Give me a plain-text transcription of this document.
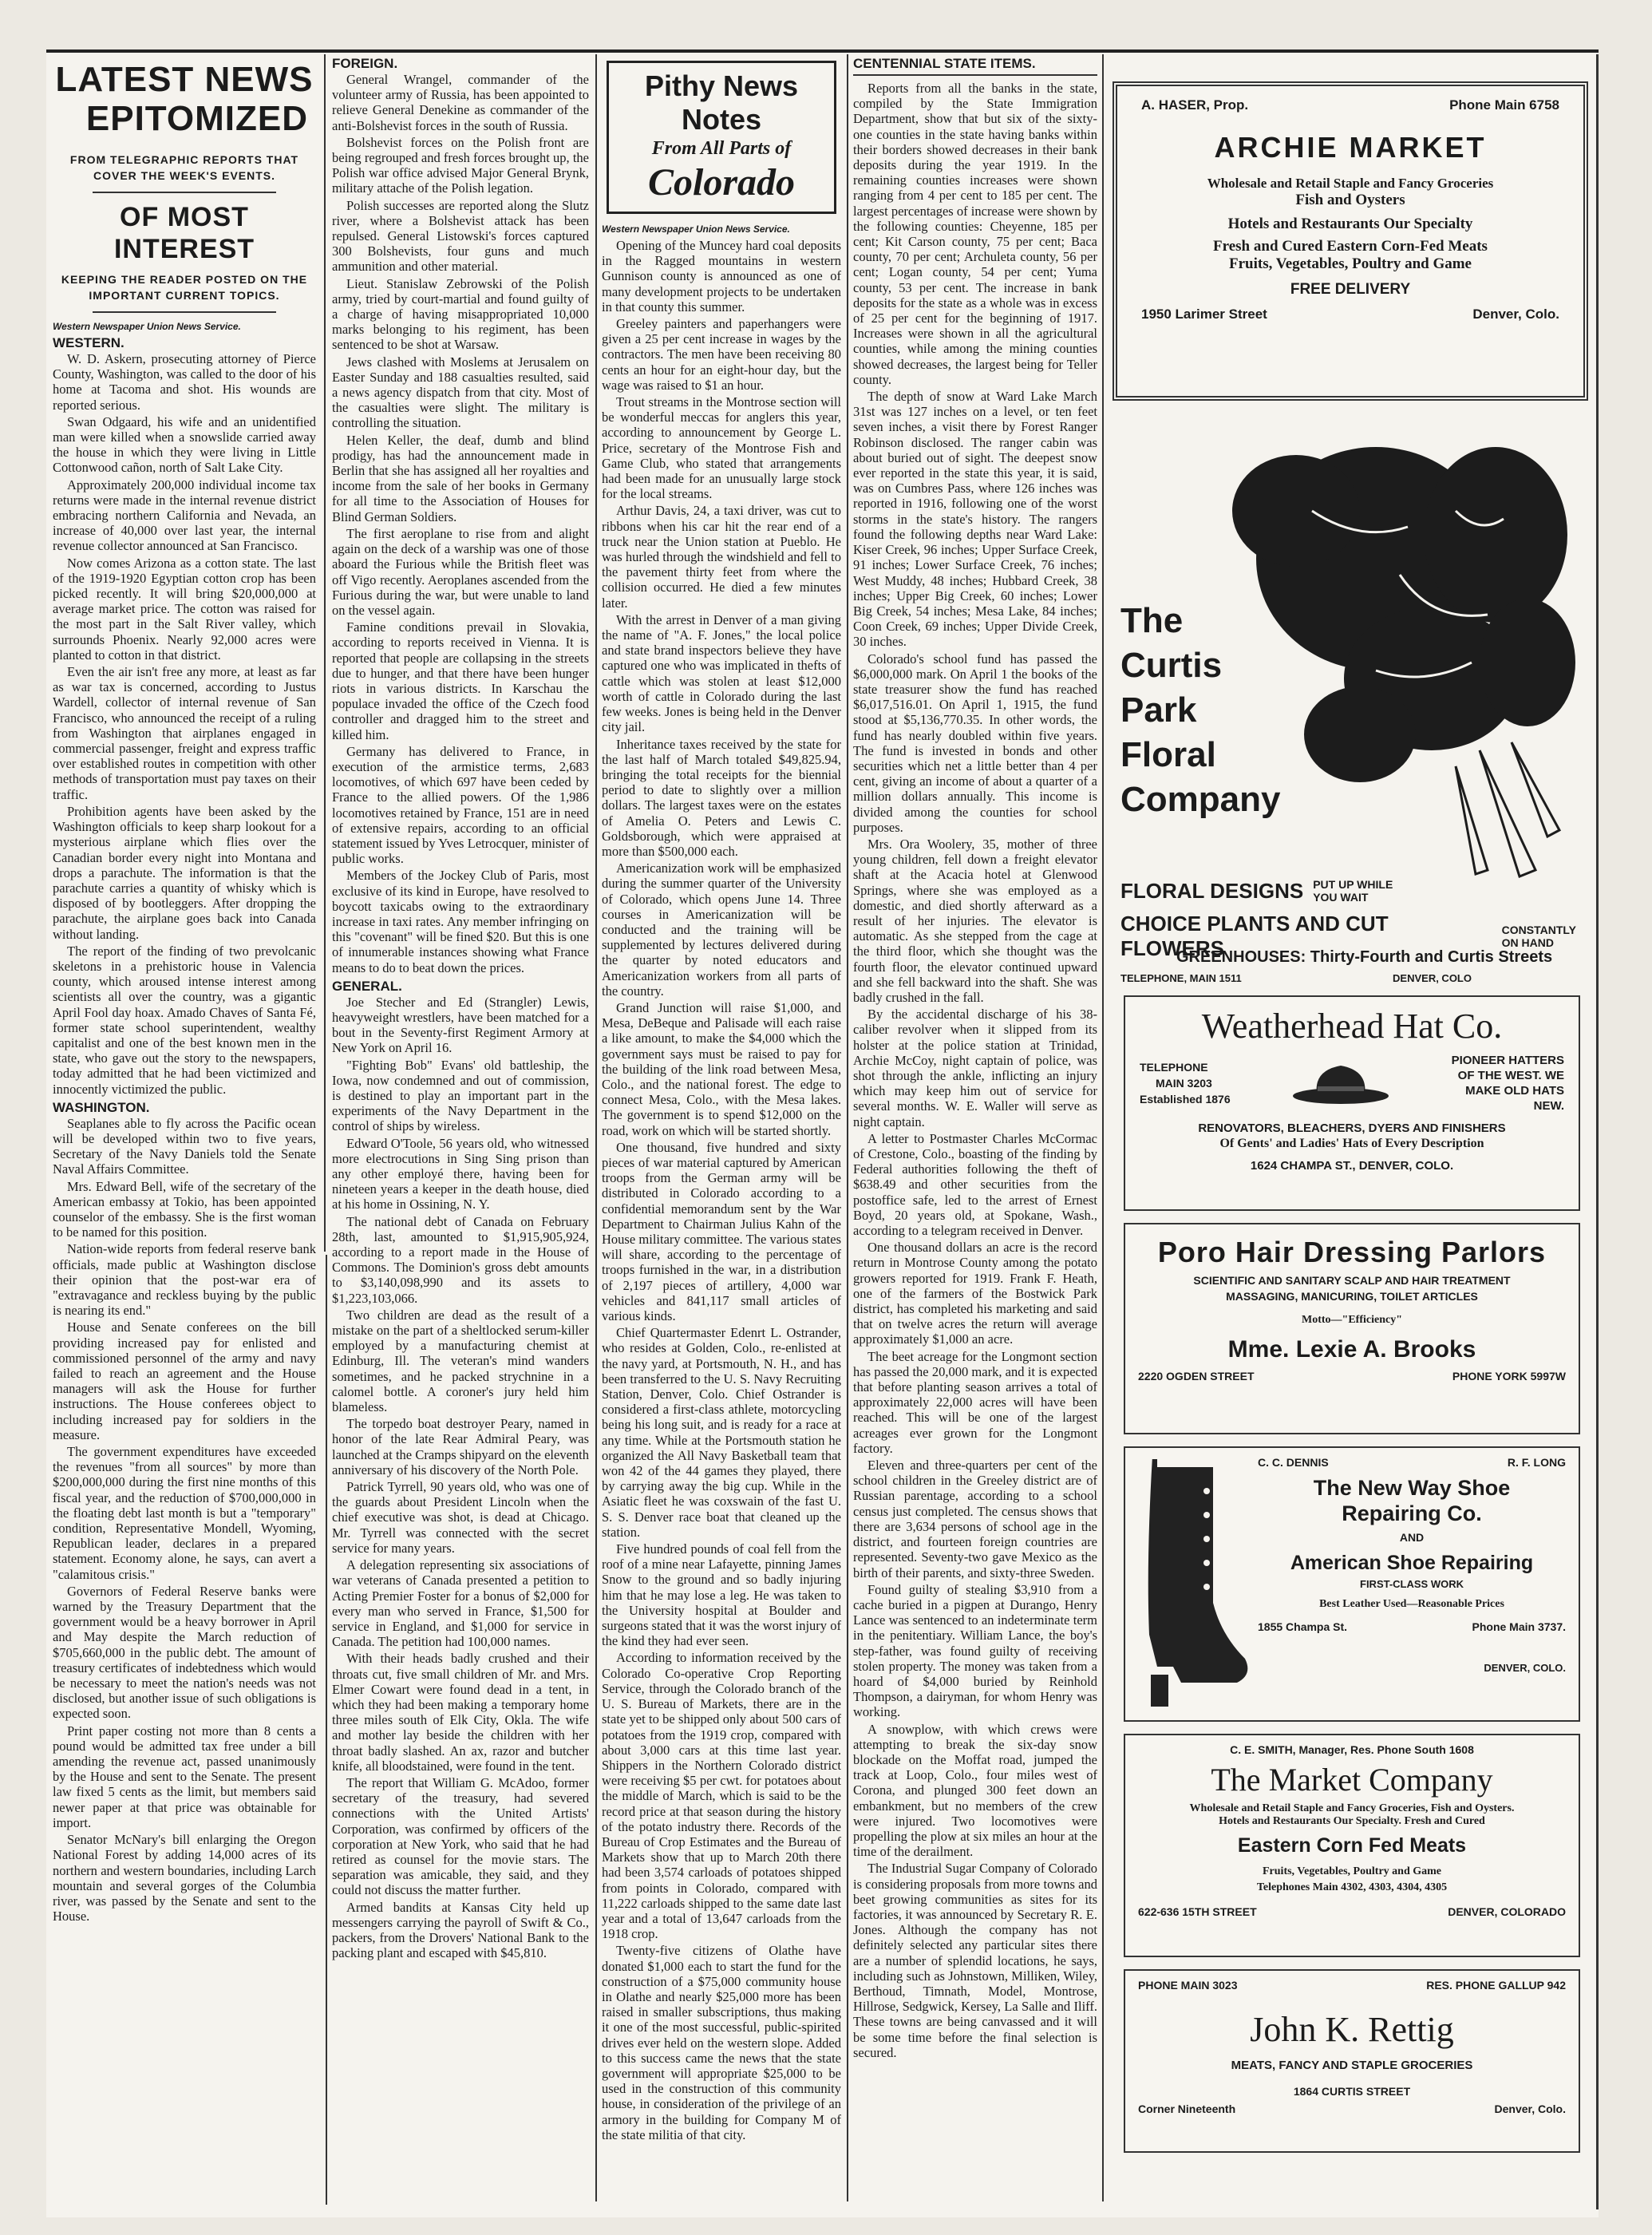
LATEST NEWS
EPITOMIZED
FROM TELEGRAPHIC REPORTS THAT COVER THE WEEK'S EVENTS.
OF MOST INTEREST
KEEPING THE READER POSTED ON THE IMPORTANT CURRENT TOPICS.
Western Newspaper Union News Service.
WESTERN.

W. D. Askern, prosecuting attorney of Pierce County, Washington, was called to the door of his home at Tacoma and shot. His wounds are reported serious.

Swan Odgaard, his wife and an unidentified man were killed when a snowslide carried away the house in which they were living in Little Cottonwood cañon, north of Salt Lake City.

Approximately 200,000 individual income tax returns were made in the internal revenue district embracing northern California and Nevada, an increase of 40,000 over last year, the internal revenue collector announced at San Francisco.

Now comes Arizona as a cotton state. The last of the 1919-1920 Egyptian cotton crop has been picked recently. It will bring $20,000,000 at average market price. The cotton was raised for the most part in the Salt River valley, which surrounds Phoenix. Nearly 92,000 acres were planted to cotton in that district.

Even the air isn't free any more, at least as far as war tax is concerned, according to Justus Wardell, collector of internal revenue of San Francisco, who announced the receipt of a ruling from Washington that airplanes engaged in commercial passenger, freight and express traffic over established routes in competition with other methods of transportation must pay taxes on their traffic.

Prohibition agents have been asked by the Washington officials to keep sharp lookout for a mysterious airplane which flies over the Canadian border every night into Montana and drops a parachute. The information is that the parachute carries a quantity of whisky which is disposed of by bootleggers. After dropping the parachute, the airplane goes back into Canada without landing.

The report of the finding of two prevolcanic skeletons in a prehistoric house in Valencia county, which aroused intense interest among scientists all over the country, was a gigantic April Fool day hoax. Amado Chaves of Santa Fé, former state school superintendent, wealthy capitalist and one of the best known men in the state, who gave out the story to the newspapers, today admitted that he had been victimized and innocently victimized the public.

WASHINGTON.

Seaplanes able to fly across the Pacific ocean will be developed within two to five years, Secretary of the Navy Daniels told the Senate Naval Affairs Committee.

Mrs. Edward Bell, wife of the secretary of the American embassy at Tokio, has been appointed counselor of the embassy. She is the first woman to be named for this position.

Nation-wide reports from federal reserve bank officials, made public at Washington disclose their opinion that the post-war era of "extravagance and reckless buying by the public is nearing its end."

House and Senate conferees on the bill providing increased pay for enlisted and commissioned personnel of the army and navy failed to reach an agreement and the House managers will ask the House for further instructions. The House conferees object to including increased pay for soldiers in the measure.

The government expenditures have exceeded the revenues "from all sources" by more than $200,000,000 during the first nine months of this fiscal year, and the reduction of $700,000,000 in the floating debt last month is but a "temporary" condition, Representative Mondell, Wyoming, Republican leader, declares in a prepared statement. Economy alone, he says, can avert a "calamitous crisis."

Governors of Federal Reserve banks were warned by the Treasury Department that the government would be a heavy borrower in April and May despite the March reduction of $705,660,000 in the public debt. The amount of treasury certificates of indebtedness which would be necessary to meet the nation's needs was not disclosed, but another issue of such obligations is expected soon.

Print paper costing not more than 8 cents a pound would be admitted tax free under a bill amending the revenue act, passed unanimously by the House and sent to the Senate. The present law fixed 5 cents as the limit, but members said newer paper at that price was obtainable for import.

Senator McNary's bill enlarging the Oregon National Forest by adding 14,000 acres of its northern and western boundaries, including Larch mountain and several gorges of the Columbia river, was passed by the Senate and sent to the House.

FOREIGN.

General Wrangel, commander of the volunteer army of Russia, has been appointed to relieve General Denekine as commander of the anti-Bolshevist forces in the south of Russia.

Bolshevist forces on the Polish front are being regrouped and fresh forces brought up, the Polish war office advised Major General Brynk, military attache of the Polish legation.

Polish successes are reported along the Slutz river, where a Bolshevist attack has been repulsed. General Listowski's forces captured 300 Bolshevists, four guns and much ammunition and other material.

Lieut. Stanislaw Zebrowski of the Polish army, tried by court-martial and found guilty of a charge of having misappropriated 10,000 marks belonging to his regiment, has been sentenced to be shot at Warsaw.

Jews clashed with Moslems at Jerusalem on Easter Sunday and 188 casualties resulted, said a news agency dispatch from that city. Most of the casualties were slight. The military is controlling the situation.

Helen Keller, the deaf, dumb and blind prodigy, has had the announcement made in Berlin that she has assigned all her royalties and income from the sale of her books in Germany for all time to the Association of Houses for Blind German Soldiers.

The first aeroplane to rise from and alight again on the deck of a warship was one of those aboard the Furious while the British fleet was off Vigo recently. Aeroplanes ascended from the Furious during the war, but were unable to land on the vessel again.

Famine conditions prevail in Slovakia, according to reports received in Vienna. It is reported that people are collapsing in the streets due to hunger, and that there have been hunger riots in various districts. In Karschau the populace invaded the office of the Czech food controller and dragged him to the street and killed him.

Germany has delivered to France, in execution of the armistice terms, 2,683 locomotives, of which 697 have been ceded by France to the allied powers. Of the 1,986 locomotives retained by France, 151 are in need of extensive repairs, according to an official statement issued by Yves Letrocquer, minister of public works.

Members of the Jockey Club of Paris, most exclusive of its kind in Europe, have resolved to boycott taxicabs owing to the extraordinary increase in taxi rates. Any member infringing on this "covenant" will be fined $20. But this is one of innumerable instances showing what France means to do to beat down the prices.

GENERAL.

Joe Stecher and Ed (Strangler) Lewis, heavyweight wrestlers, have been matched for a bout in the Seventy-first Regiment Armory at New York on April 16.

"Fighting Bob" Evans' old battleship, the Iowa, now condemned and out of commission, is destined to play an important part in the experiments of the Navy Department in the control of ships by wireless.

Edward O'Toole, 56 years old, who witnessed more electrocutions in Sing Sing prison than any other employé there, having been for nineteen years a keeper in the death house, died at his home in Ossining, N. Y.

The national debt of Canada on February 28th, last, amounted to $1,915,905,924, according to a report made in the House of Commons. The Dominion's gross debt amounts to $3,140,098,990 and its assets to $1,223,103,066.

Two children are dead as the result of a mistake on the part of a sheltlocked serum-killer employed by a manufacturing chemist at Edinburg, Ill. The veteran's mind wanders sometimes, and he packed strychnine in a calomel bottle. A coroner's jury held him blameless.

The torpedo boat destroyer Peary, named in honor of the late Rear Admiral Peary, was launched at the Cramps shipyard on the eleventh anniversary of his discovery of the North Pole.

Patrick Tyrrell, 90 years old, who was one of the guards about President Lincoln when the chief executive was shot, is dead at Chicago. Mr. Tyrrell was connected with the secret service for many years.

A delegation representing six associations of war veterans of Canada presented a petition to Acting Premier Foster for a bonus of $2,000 for every man who served in France, $1,500 for service in England, and $1,000 for service in Canada. The petition had 100,000 names.

With their heads badly crushed and their throats cut, five small children of Mr. and Mrs. Elmer Cowart were found dead in a tent, in which they had been making a temporary home three miles south of Elk City, Okla. The wife and mother lay beside the children with her throat badly slashed. An ax, razor and butcher knife, all bloodstained, were found in the tent.

The report that William G. McAdoo, former secretary of the treasury, had severed connections with the United Artists' Corporation, was confirmed by officers of the corporation at New York, who said that he had retired as counsel for the movie stars. The separation was amicable, they said, and they could not discuss the matter further.

Armed bandits at Kansas City held up messengers carrying the payroll of Swift & Co., packers, from the Drovers' National Bank to the packing plant and escaped with $45,810.

Pithy News Notes
From All Parts of
Colorado
Western Newspaper Union News Service.

Opening of the Muncey hard coal deposits in the Ragged mountains in western Gunnison county is announced as one of many development projects to be undertaken in that county this summer.

Greeley painters and paperhangers were given a 25 per cent increase in wages by the contractors. The men have been receiving 80 cents an hour for an eight-hour day, but the wage was raised to $1 an hour.

Trout streams in the Montrose section will be wonderful meccas for anglers this year, according to announcement by George L. Price, secretary of the Montrose Fish and Game Club, who stated that arrangements had been made for an unusually large stock for the local streams.

Arthur Davis, 24, a taxi driver, was cut to ribbons when his car hit the rear end of a truck near the Union station at Pueblo. He was hurled through the windshield and fell to the pavement thirty feet from where the collision occurred. He died a few minutes later.

With the arrest in Denver of a man giving the name of "A. F. Jones," the local police and state brand inspectors believe they have captured one who was implicated in thefts of cattle which was stolen at least $12,000 worth of cattle in Colorado during the last few weeks. Jones is being held in the Denver city jail.

Inheritance taxes received by the state for the last half of March totaled $49,825.94, bringing the total receipts for the biennial period to date to slightly over a million dollars. The largest taxes were on the estates of Amelia O. Peters and Lewis C. Goldsborough, which were appraised at more than $500,000 each.

Americanization work will be emphasized during the summer quarter of the University of Colorado, which opens June 14. Three courses in Americanization will be conducted and the training will be supplemented by lectures delivered during the quarter by noted educators and Americanization workers from all parts of the country.

Grand Junction will raise $1,000, and Mesa, DeBeque and Palisade will each raise a like amount, to make the $4,000 which the government says must be raised to pay for the building of the link road between Mesa, Colo., and the national forest. The edge to connect Mesa, Colo., with the Mesa lakes. The government is to spend $12,000 on the road, work on which will be started shortly.

One thousand, five hundred and sixty pieces of war material captured by American troops from the German army will be distributed in Colorado according to a confidential memorandum sent by the War Department to Chairman Julius Kahn of the House military committee. The various states will share, according to the percentage of troops furnished in the war, in a distribution of 2,197 pieces of artillery, 4,000 war vehicles and 841,117 small articles of various kinds.

Chief Quartermaster Edenrt L. Ostrander, who resides at Golden, Colo., re-enlisted at the navy yard, at Portsmouth, N. H., and has been transferred to the U. S. Navy Recruiting Station, Denver, Colo. Chief Ostrander is considered a first-class athlete, motorcycling being his long suit, and is ready for a race at any time. While at the Portsmouth station he organized the All Navy Basketball team that won 42 of the 44 games they played, there by carrying away the big cup. While in the Asiatic fleet he was coxswain of the fast U. S. S. Denver race boat that cleaned up the station.

Five hundred pounds of coal fell from the roof of a mine near Lafayette, pinning James Snow to the ground and so badly injuring him that he may lose a leg. He was taken to the University hospital at Boulder and surgeons stated that it was the worst injury of the kind they had ever seen.

According to information received by the Colorado Co-operative Crop Reporting Service, through the Colorado branch of the U. S. Bureau of Markets, there are in the state yet to be shipped only about 500 cars of potatoes from the 1919 crop, compared with about 3,000 cars at this time last year. Shippers in the Northern Colorado district were receiving $5 per cwt. for potatoes about the middle of March, which is said to be the record price at that season during the history of the potato industry there. Records of the Bureau of Crop Estimates and the Bureau of Markets show that up to March 20th there had been 3,574 carloads of potatoes shipped from points in Colorado, compared with 11,222 carloads shipped to the same date last year and a total of 13,647 carloads from the 1918 crop.

Twenty-five citizens of Olathe have donated $1,000 each to start the fund for the construction of a $75,000 community house in Olathe and nearly $25,000 more has been raised in smaller subscriptions, thus making it one of the most successful, public-spirited drives ever held on the western slope. Added to this success came the news that the state government will appropriate $25,000 to be used in the construction of this community house, in consideration of the privilege of an armory in the building for Company M of the state militia of that city.

CENTENNIAL STATE ITEMS.

Reports from all the banks in the state, compiled by the State Immigration Department, show that but six of the sixty-one counties in the state having banks within their borders showed decreases in their bank deposits during the year 1919. In the remaining counties increases were shown ranging from 4 per cent to 185 per cent. The largest percentages of increase were shown by the following counties: Cheyenne, 185 per cent; Kit Carson county, 75 per cent; Baca county, 70 per cent; Archuleta county, 56 per cent; Logan county, 54 per cent; Yuma county, 53 per cent. The increase in bank deposits for the state as a whole was in excess of 25 per cent for the beginning of 1917. Increases were shown in all the agricultural counties, while among the mining counties showed decreases, the largest being for Teller county.

The depth of snow at Ward Lake March 31st was 127 inches on a level, or ten feet seven inches, a visit there by Forest Ranger Robinson disclosed. The ranger cabin was about buried out of sight. The deepest snow ever reported in the state this year, it is said, was on Cumbres Pass, where 126 inches was reported in 1916, following one of the worst storms in the state's history. The rangers found the following depths near Ward Lake: Kiser Creek, 96 inches; Upper Surface Creek, 91 inches; Lower Surface Creek, 76 inches; West Muddy, 48 inches; Hubbard Creek, 38 inches; Upper Big Creek, 60 inches; Lower Big Creek, 54 inches; Mesa Lake, 84 inches; Coon Creek, 69 inches; Upper Divide Creek, 30 inches.

Colorado's school fund has passed the $6,000,000 mark. On April 1 the books of the state treasurer show the fund has reached $6,017,516.01. On April 1, 1915, the fund stood at $5,136,770.35. In other words, the fund has nearly doubled within five years. The fund is invested in bonds and other securities which net a little better than 4 per cent, giving an income of about a quarter of a million dollars annually. This income is divided among the counties for school purposes.

Mrs. Ora Woolery, 35, mother of three young children, fell down a freight elevator shaft at the Acacia hotel at Glenwood Springs, where she was employed as a domestic, and died shortly afterward as a result of her injuries. The elevator is automatic. As she stepped from the cage at the third floor, which she thought was the fourth floor, the elevator continued upward and she fell backward into the shaft. She was badly crushed in the fall.

By the accidental discharge of his 38-caliber revolver when it slipped from its holster at the police station at Trinidad, Archie McCoy, night captain of police, was shot through the ankle, inflicting an injury which may keep him out of service for several months. W. E. Waller will serve as night captain.

A letter to Postmaster Charles McCormac of Crestone, Colo., boasting of the finding by Federal authorities following the theft of $638.49 and other securities from the postoffice safe, led to the arrest of Ernest Boyd, 20 years old, at Spokane, Wash., according to a telegram received in Denver.

One thousand dollars an acre is the record return in Montrose County among the potato growers reported for 1919. Frank F. Heath, one of the farmers of the Bostwick Park district, has completed his marketing and said that on twelve acres the return will average approximately $1,000 an acre.

The beet acreage for the Longmont section has passed the 20,000 mark, and it is expected that before planting season arrives a total of approximately 22,000 acres will have been reached. This will be one of the largest acreages ever grown for the Longmont factory.

Eleven and three-quarters per cent of the school children in the Greeley district are of Russian parentage, according to a school census just completed. The census shows that there are 3,634 persons of school age in the district, and fourteen foreign countries are represented. Seventy-two gave Mexico as the birth of their parents, and sixty-three Sweden.

Found guilty of stealing $3,910 from a cache buried in a pigpen at Durango, Henry Lance was sentenced to an indeterminate term in the penitentiary. William Lance, the boy's step-father, was found guilty of receiving stolen property. The money was taken from a hoard of $4,000 buried by Reinhold Thompson, a dairyman, for whom Henry was working.

A snowplow, with which crews were attempting to break the six-day snow blockade on the Moffat road, jumped the track at Loop, Colo., four miles west of Corona, and plunged 300 feet down an embankment, but no members of the crew were injured. Two locomotives were propelling the plow at six miles an hour at the time of the derailment.

The Industrial Sugar Company of Colorado is considering proposals from more towns and beet growing communities as sites for its factories, it was announced by Secretary R. E. Jones. Although the company has not definitely selected any particular sites there are a number of splendid locations, he says, including such as Johnstown, Milliken, Wiley, Berthoud, Timnath, Model, Montrose, Hillrose, Sedgwick, Kersey, La Salle and Iliff. These towns are being canvassed and it will be some time before the final selection is secured.

A. HASER, Prop.	Phone Main 6758
ARCHIE MARKET
Wholesale and Retail Staple and Fancy Groceries
Fish and Oysters
Hotels and Restaurants Our Specialty
Fresh and Cured Eastern Corn-Fed Meats
Fruits, Vegetables, Poultry and Game
FREE DELIVERY
1950 Larimer Street	Denver, Colo.
The
Curtis
Park
Floral
Company
FLORAL DESIGNS PUT UP WHILE YOU WAIT
CHOICE PLANTS AND CUT FLOWERS
CONSTANTLY ON HAND
GREENHOUSES: Thirty-Fourth and Curtis Streets
TELEPHONE, MAIN 1511	DENVER, COLO
Weatherhead Hat Co.
TELEPHONE
MAIN 3203
Established 1876
PIONEER HATTERS
OF THE WEST. WE
MAKE OLD HATS
NEW.
RENOVATORS, BLEACHERS, DYERS AND FINISHERS
Of Gents' and Ladies' Hats of Every Description
1624 CHAMPA ST., DENVER, COLO.
Poro Hair Dressing Parlors
SCIENTIFIC AND SANITARY SCALP AND HAIR TREATMENT
MASSAGING, MANICURING, TOILET ARTICLES
Motto—"Efficiency"
Mme. Lexie A. Brooks
2220 OGDEN STREET	PHONE YORK 5997W
C. C. DENNIS	R. F. LONG
The New Way Shoe
Repairing Co.
AND
American Shoe Repairing
FIRST-CLASS WORK
Best Leather Used—Reasonable Prices
1855 Champa St.	Phone Main 3737.
DENVER, COLO.
C. E. SMITH, Manager, Res. Phone South 1608
The Market Company
Wholesale and Retail Staple and Fancy Groceries, Fish and Oysters.
Hotels and Restaurants Our Specialty. Fresh and Cured
Eastern Corn Fed Meats
Fruits, Vegetables, Poultry and Game
Telephones Main 4302, 4303, 4304, 4305
622-636 15TH STREET	DENVER, COLORADO
PHONE MAIN 3023	RES. PHONE GALLUP 942
John K. Rettig
MEATS, FANCY AND STAPLE GROCERIES
1864 CURTIS STREET
Corner Nineteenth	Denver, Colo.
